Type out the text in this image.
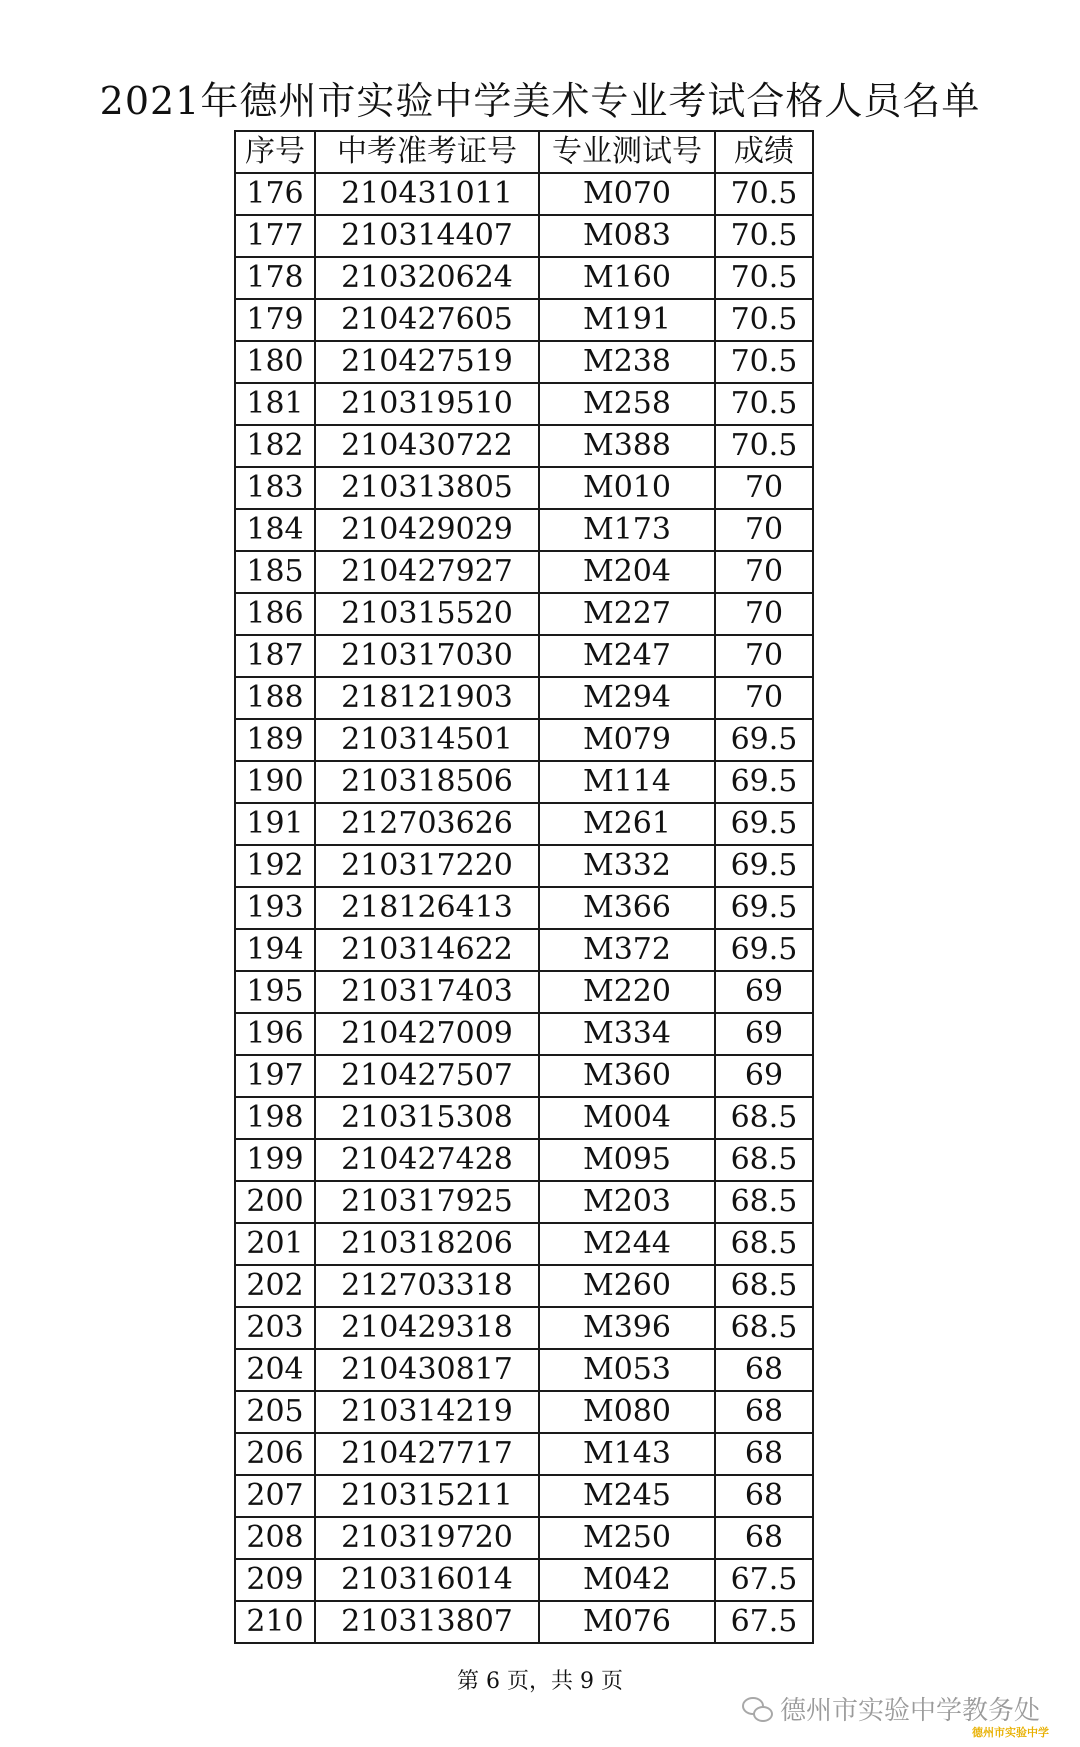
2021年德州市实验中学美术专业考试合格人员名单
序号	中考准考证号	专业测试号	成绩
176	210431011	M070	70.5
177	210314407	M083	70.5
178	210320624	M160	70.5
179	210427605	M191	70.5
180	210427519	M238	70.5
181	210319510	M258	70.5
182	210430722	M388	70.5
183	210313805	M010	70
184	210429029	M173	70
185	210427927	M204	70
186	210315520	M227	70
187	210317030	M247	70
188	218121903	M294	70
189	210314501	M079	69.5
190	210318506	M114	69.5
191	212703626	M261	69.5
192	210317220	M332	69.5
193	218126413	M366	69.5
194	210314622	M372	69.5
195	210317403	M220	69
196	210427009	M334	69
197	210427507	M360	69
198	210315308	M004	68.5
199	210427428	M095	68.5
200	210317925	M203	68.5
201	210318206	M244	68.5
202	212703318	M260	68.5
203	210429318	M396	68.5
204	210430817	M053	68
205	210314219	M080	68
206	210427717	M143	68
207	210315211	M245	68
208	210319720	M250	68
209	210316014	M042	67.5
210	210313807	M076	67.5
第 6 页，共 9 页
德州市实验中学教务处
德州市实验中学
